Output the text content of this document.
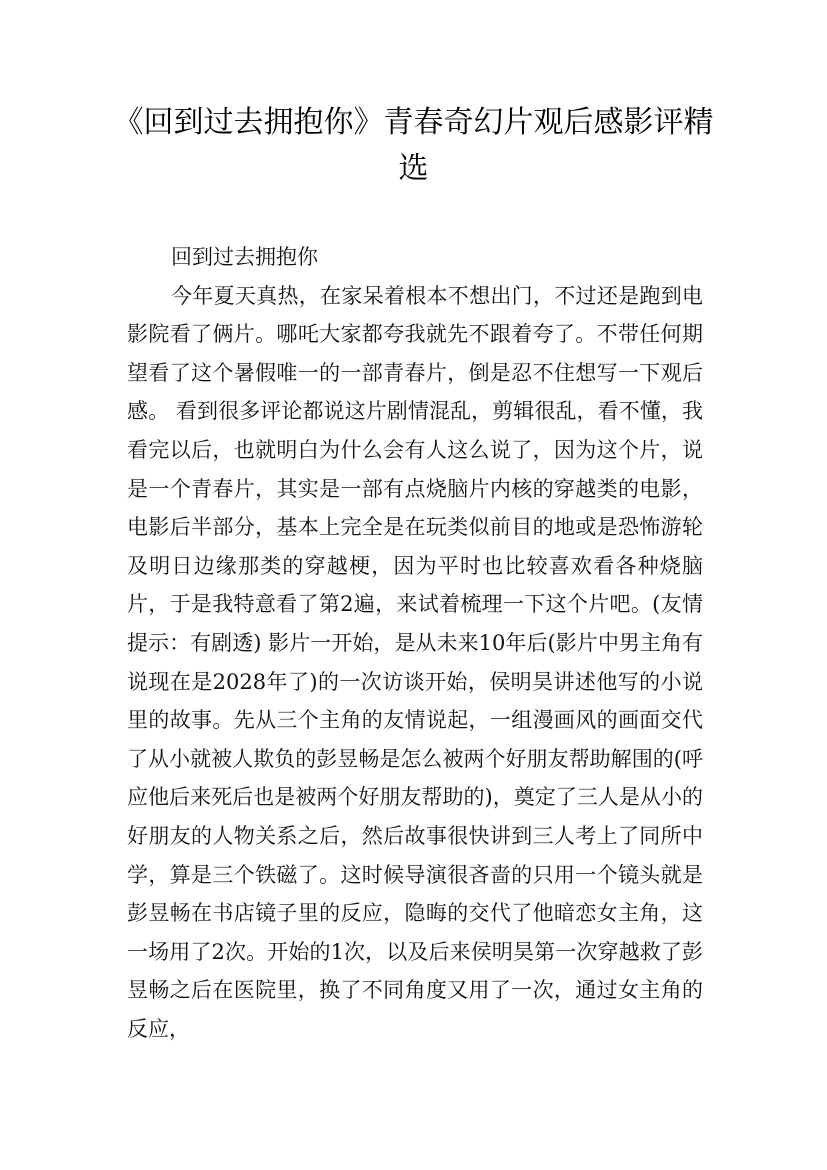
《回到过去拥抱你》青春奇幻片观后感影评精选

回到过去拥抱你

今年夏天真热，在家呆着根本不想出门，不过还是跑到电影院看了俩片。哪吒大家都夸我就先不跟着夸了。不带任何期望看了这个暑假唯一的一部青春片，倒是忍不住想写一下观后感。 看到很多评论都说这片剧情混乱，剪辑很乱，看不懂，我看完以后，也就明白为什么会有人这么说了，因为这个片，说是一个青春片，其实是一部有点烧脑片内核的穿越类的电影，电影后半部分，基本上完全是在玩类似前目的地或是恐怖游轮及明日边缘那类的穿越梗，因为平时也比较喜欢看各种烧脑片，于是我特意看了第2遍，来试着梳理一下这个片吧。(友情提示：有剧透) 影片一开始，是从未来10年后(影片中男主角有说现在是2028年了)的一次访谈开始，侯明昊讲述他写的小说里的故事。先从三个主角的友情说起，一组漫画风的画面交代了从小就被人欺负的彭昱畅是怎么被两个好朋友帮助解围的(呼应他后来死后也是被两个好朋友帮助的)，奠定了三人是从小的好朋友的人物关系之后，然后故事很快讲到三人考上了同所中学，算是三个铁磁了。这时候导演很吝啬的只用一个镜头就是彭昱畅在书店镜子里的反应，隐晦的交代了他暗恋女主角，这一场用了2次。开始的1次，以及后来侯明昊第一次穿越救了彭昱畅之后在医院里，换了不同角度又用了一次，通过女主角的反应，
